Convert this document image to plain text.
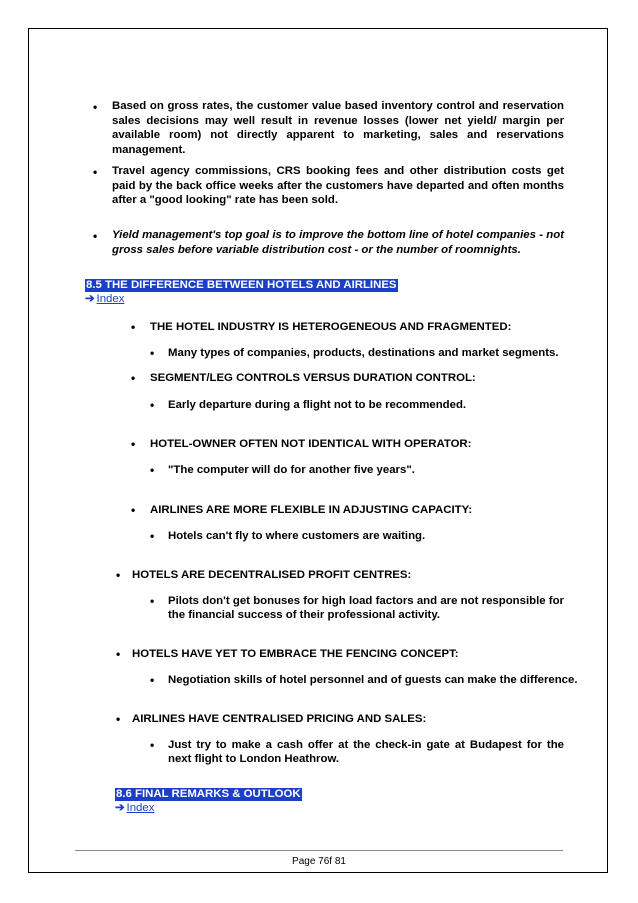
• Based on gross rates, the customer value based inventory control and reservation sales decisions may well result in revenue losses (lower net yield/ margin per available room) not directly apparent to marketing, sales and reservations management.
• Travel agency commissions, CRS booking fees and other distribution costs get paid by the back office weeks after the customers have departed and often months after a "good looking" rate has been sold.
• Yield management's top goal is to improve the bottom line of hotel companies - not gross sales before variable distribution cost - or the number of roomnights.
8.5 THE DIFFERENCE BETWEEN HOTELS AND AIRLINES
➔ Index
• THE HOTEL INDUSTRY IS HETEROGENEOUS AND FRAGMENTED:
• Many types of companies, products, destinations and market segments.
• SEGMENT/LEG CONTROLS VERSUS DURATION CONTROL:
• Early departure during a flight not to be recommended.
• HOTEL-OWNER OFTEN NOT IDENTICAL WITH OPERATOR:
• "The computer will do for another five years".
• AIRLINES ARE MORE FLEXIBLE IN ADJUSTING CAPACITY:
• Hotels can't fly to where customers are waiting.
• HOTELS ARE DECENTRALISED PROFIT CENTRES:
• Pilots don't get bonuses for high load factors and are not responsible for the financial success of their professional activity.
• HOTELS HAVE YET TO EMBRACE THE FENCING CONCEPT:
• Negotiation skills of hotel personnel and of guests can make the difference.
• AIRLINES HAVE CENTRALISED PRICING AND SALES:
• Just try to make a cash offer at the check-in gate at Budapest for the next flight to London Heathrow.
8.6 FINAL REMARKS & OUTLOOK
➔ Index
Page 76f 81
